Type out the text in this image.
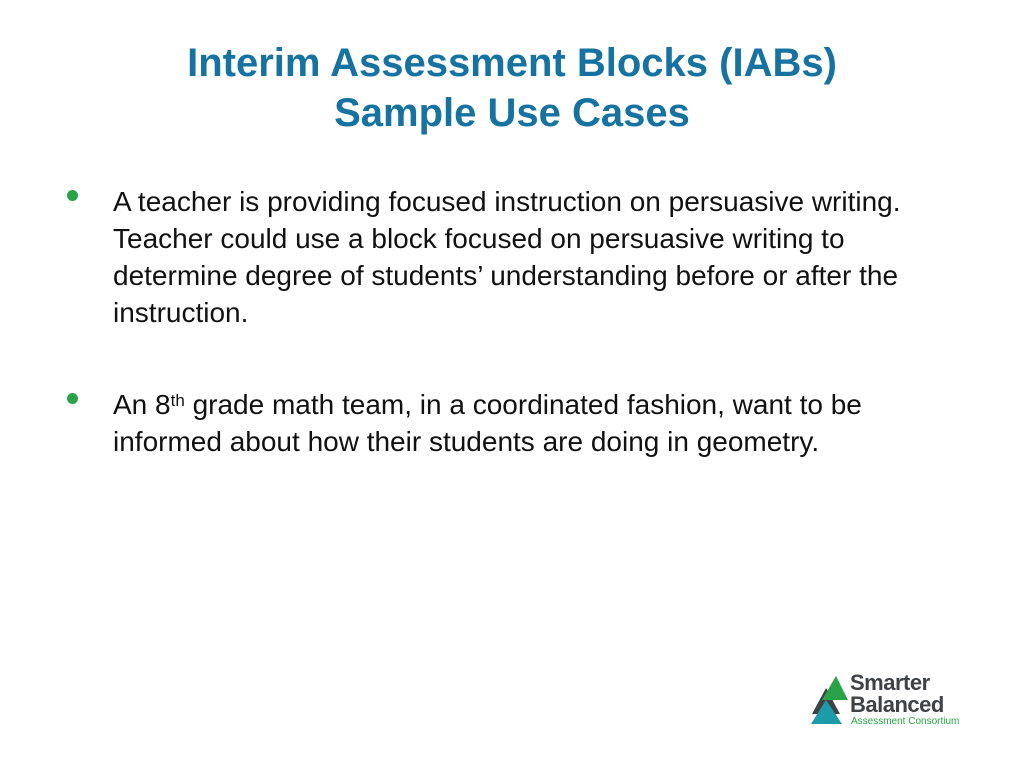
Interim Assessment Blocks (IABs)
Sample Use Cases
A teacher is providing focused instruction on persuasive writing. Teacher could use a block focused on persuasive writing to determine degree of students’ understanding before or after the instruction.
An 8th grade math team, in a coordinated fashion, want to be informed about how their students are doing in geometry.
Smarter
Balanced
Assessment Consortium
